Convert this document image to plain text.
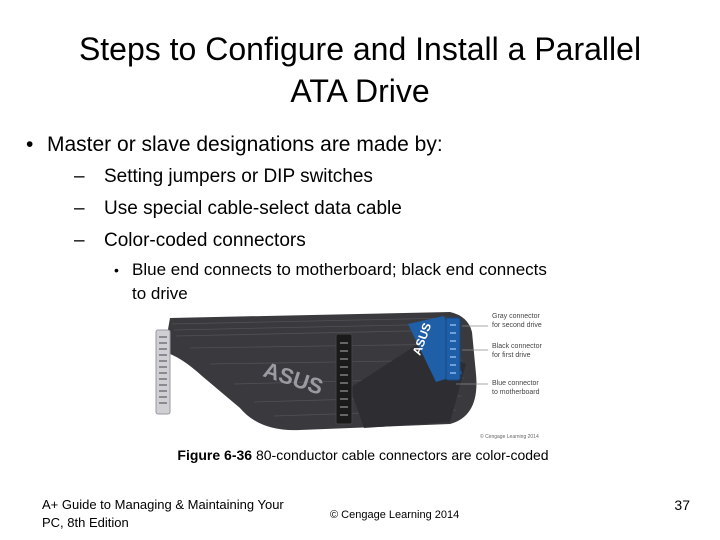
Steps to Configure and Install a Parallel
ATA Drive
• Master or slave designations are made by:
– Setting jumpers or DIP switches
– Use special cable-select data cable
– Color-coded connectors
• Blue end connects to motherboard; black end connects
to drive
ASUS
ASUS
Gray connector
for second drive
Black connector
for first drive
Blue connector
to motherboard
© Cengage Learning 2014
Figure 6-36 80-conductor cable connectors are color-coded
A+ Guide to Managing & Maintaining Your
PC, 8th Edition	© Cengage Learning 2014
37
